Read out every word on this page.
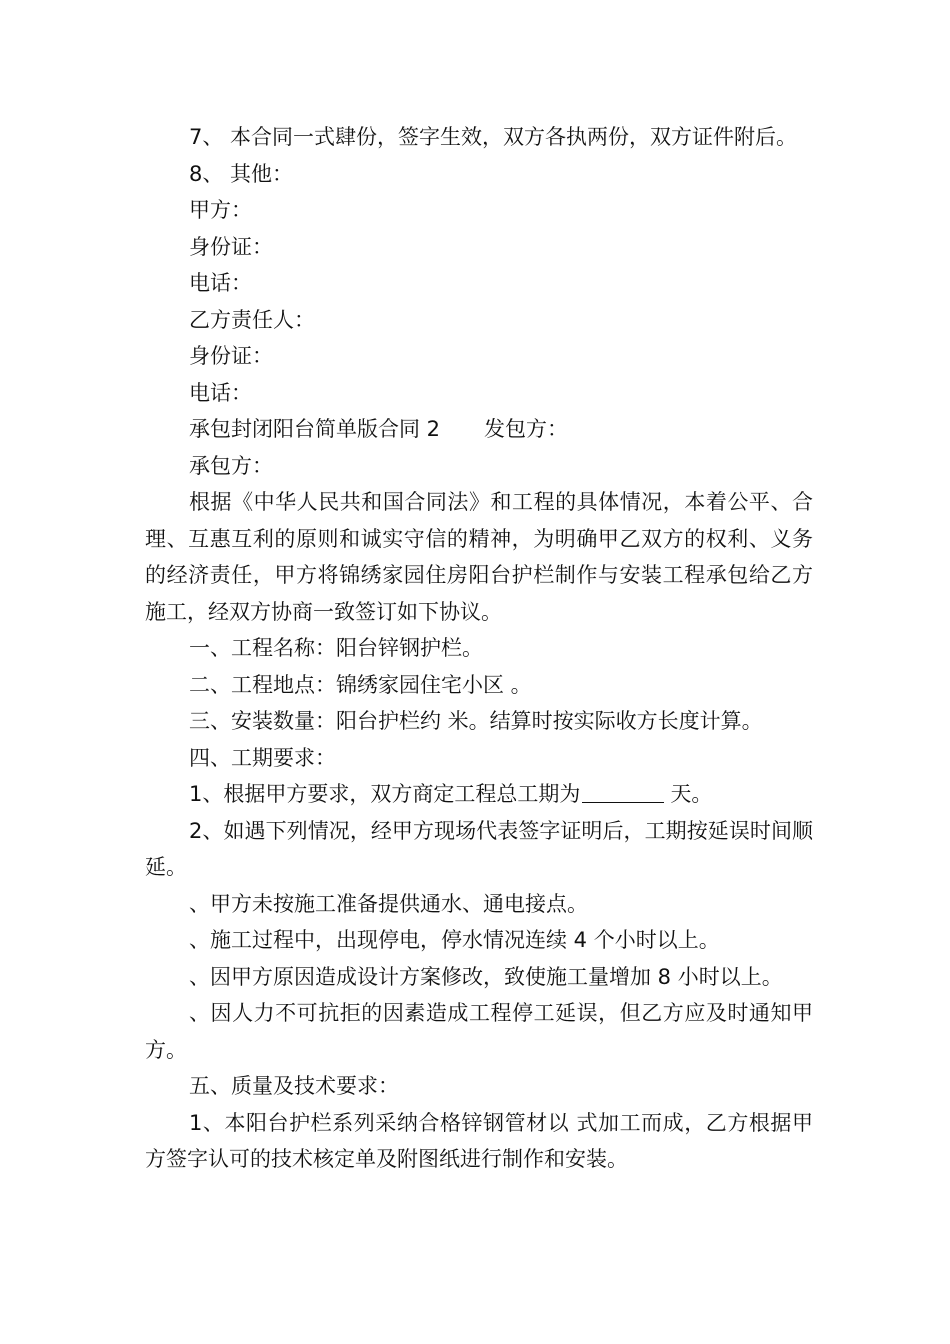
7、 本合同一式肆份，签字生效，双方各执两份，双方证件附后。

8、 其他：

甲方：

身份证：

电话：

乙方责任人：

身份证：

电话：

承包封闭阳台简单版合同 2 发包方：

承包方：

根据《中华人民共和国合同法》和工程的具体情况，本着公平、合理、互惠互利的原则和诚实守信的精神，为明确甲乙双方的权利、义务的经济责任，甲方将锦绣家园住房阳台护栏制作与安装工程承包给乙方施工，经双方协商一致签订如下协议。

一、工程名称：阳台锌钢护栏。

二、工程地点：锦绣家园住宅小区 。

三、安装数量：阳台护栏约 米。结算时按实际收方长度计算。

四、工期要求：

1、根据甲方要求，双方商定工程总工期为	天。

2、如遇下列情况，经甲方现场代表签字证明后，工期按延误时间顺延。

、甲方未按施工准备提供通水、通电接点。

、施工过程中，出现停电，停水情况连续 4 个小时以上。

、因甲方原因造成设计方案修改，致使施工量增加 8 小时以上。

、因人力不可抗拒的因素造成工程停工延误，但乙方应及时通知甲方。

五、质量及技术要求：

1、本阳台护栏系列采纳合格锌钢管材以 式加工而成，乙方根据甲方签字认可的技术核定单及附图纸进行制作和安装。
